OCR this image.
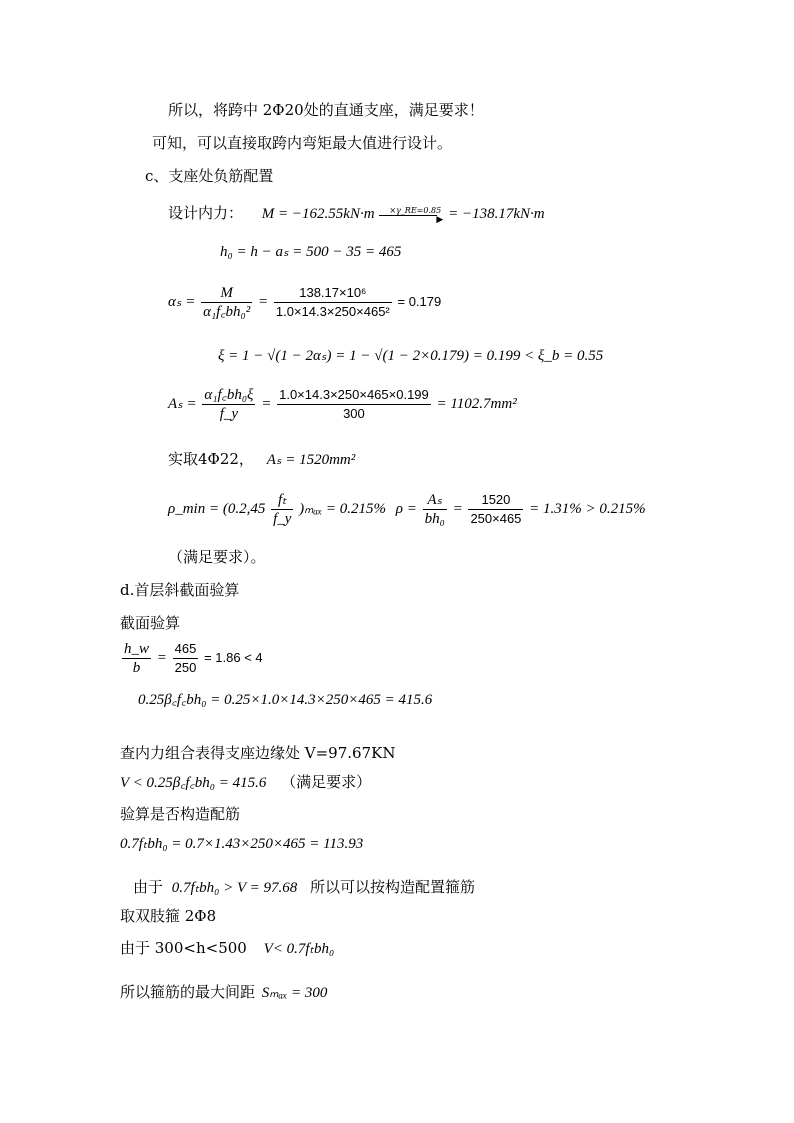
所以，将跨中 2Φ20处的直通支座，满足要求！
可知，可以直接取跨内弯矩最大值进行设计。
c、支座处负筋配置
设计内力： M = −162.55kN·m ×γ_RE=0.85
▶ = −138.17kN·m
h₀ = h − aₛ = 500 − 35 = 465
$\alpha_s = \frac{M}{\text{α₁f꜀bh₀²}} = \frac{\text{138.17×10⁶}}{\text{1.0×14.3×250×465²}} = 0.179$
ξ = 1 − √(1 − 2αₛ) = 1 − √(1 − 2×0.179) = 0.199 < ξ_b = 0.55
$A_s = \frac{\text{α₁f꜀bh₀ξ}}{f\_y} = \frac{1.0\times 14.3\times 250\times 465\times 0.199}{300} = 1102.7mm^2$
实取4Φ22， Aₛ = 1520mm²
ρ_min = $(0.2,45 \frac{\text{fₜ}}{f\_y} )_{max} = 0.215\%$ $\rho = \frac{\text{Aₛ}}{\text{bh₀}} = \frac{1520}{250\times 465} = 1.31\% > 0.215\%$
（满足要求）。
d.首层斜截面验算
截面验算
$\frac{h\_w}{b} = \frac{465}{250} = 1.86 < 4$
0.25β꜀f꜀bh₀ = 0.25×1.0×14.3×250×465 = 415.6
查内力组合表得支座边缘处 V=97.67KN
V < 0.25β꜀f꜀bh₀ = 415.6 （满足要求）
验算是否构造配筋
0.7fₜbh₀ = 0.7×1.43×250×465 = 113.93
由于 0.7fₜbh₀ > V = 97.68 所以可以按构造配置箍筋
取双肢箍 2Φ8
由于 300<h<500 V< 0.7fₜbh₀
所以箍筋的最大间距 Sₘₐₓ = 300
